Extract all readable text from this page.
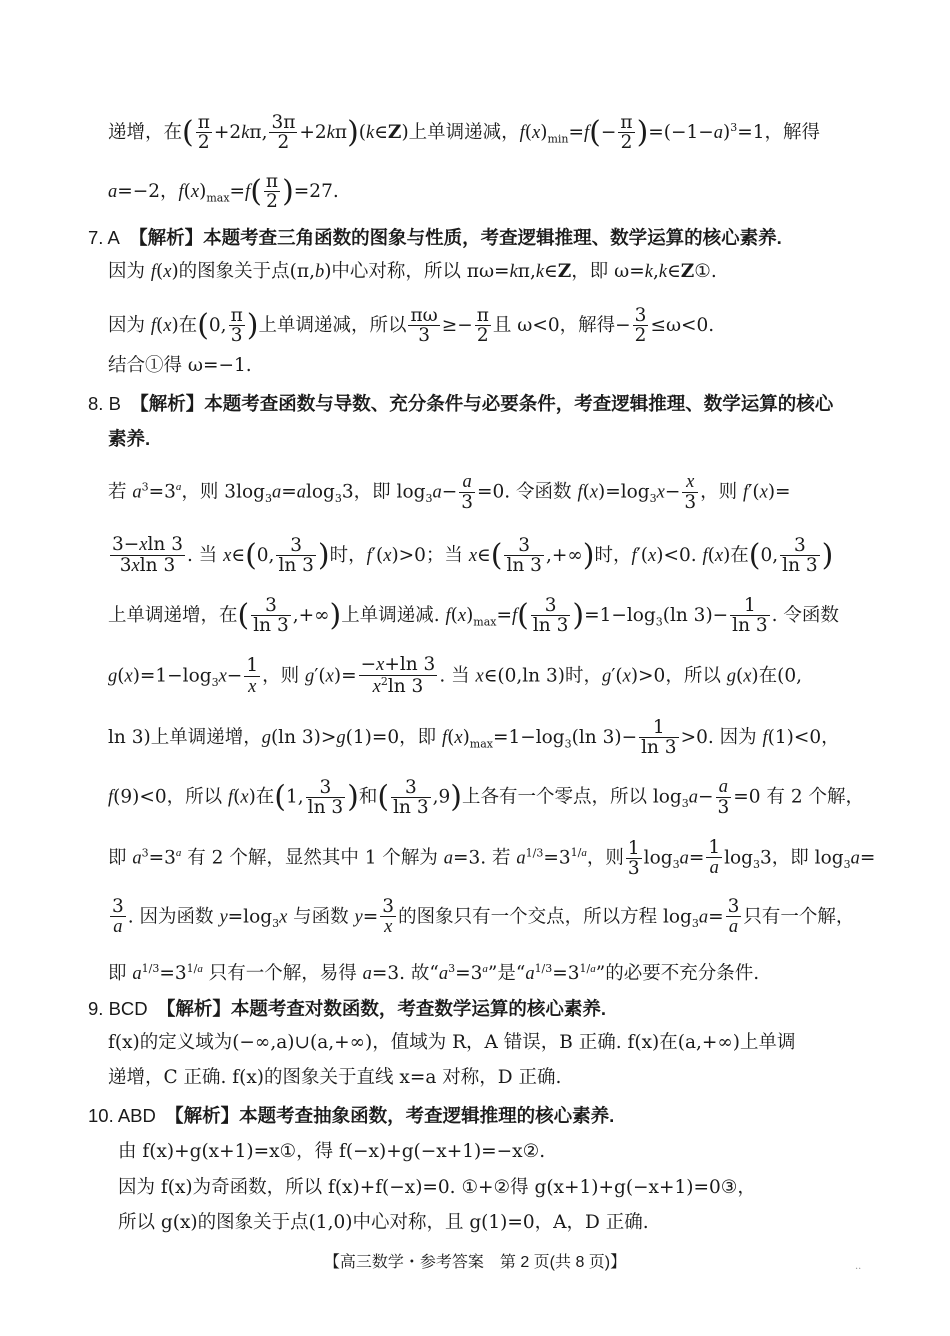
递增，在( $\frac{\pi}{2} +2k\pi$, $\frac{3\pi}{2}$ +2kπ)(k∈Z)上单调递减，$f(x)_{min}=f(- \frac{\pi}{2} )=(-1-a)^3=1$，解得
a=−2，$f(x)_{max}=f( \frac{\pi}{2} )=27$.
7. A　 【解析】本题考查三角函数的图象与性质，考查逻辑推理、数学运算的核心素养.
因为 f(x)的图象关于点(π,b)中心对称，所以 πω=kπ,k∈Z，即 ω=k,k∈Z①.
因为 f(x)在(0, $\frac{\pi}{3}$ )上单调递减，所以 $\frac{\pi\omega}{3} \ge- \frac{\pi}{2}$ 且 ω<0，解得− $\frac{3}{2} \le\omega<0$.
结合①得 ω=−1.
8. B　 【解析】本题考查函数与导数、充分条件与必要条件，考查逻辑推理、数学运算的核心
素养.
若 $a^3=3^a$，则 $3\log_3a=alog_33$，即 $\log_3a- \frac{a}{3} =0$. 令函数 $f(x)=\log_3x- \frac{x}{3}$ ，则 f′(x)=
$\frac{3-xln 3}{3xln 3}$ . 当 x∈(0, $\frac{3}{\ln 3}$ )时，f′(x)>0；当 x∈( $\frac{3}{\ln 3}$ ,+∞)时，f′(x)<0. f(x)在(0, $\frac{3}{\ln 3}$ )
上单调递增，在( $\frac{3}{\ln 3}$ ,+∞)上单调递减. $f(x)_{max}=f( \frac{3}{\ln 3} )=1-\log_3(\ln$ $3)- \frac{1}{\ln 3}$ . 令函数
$g(x)=1-\log_3x- \frac{1}{x}$ ，则 $g'(x)= \frac{-x+\ln 3}{x^2\ln 3}$ . 当 x∈(0,ln 3)时，g′(x)>0，所以 g(x)在(0,
ln 3)上单调递增，g(ln 3)>g(1)=0，即 $f(x)_{max}=1-\log_3(\ln$ $3)- \frac{1}{\ln 3} >0$. 因为 f(1)<0，
f(9)<0，所以 f(x)在(1, $\frac{3}{\ln 3}$ )和( $\frac{3}{\ln 3} ,9$)上各有一个零点，所以 $\log_3a- \frac{a}{3} =0$ 有 2 个解，
即 $a^3=3^a$ 有 2 个解，显然其中 1 个解为 a=3. 若 $a^{1/3}=3^{1/a}$，则 $\frac{1}{3} \log_3a= \frac{1}{a} \log_33$，即 $\log_3a=$
$\frac{3}{a}$ . 因为函数 $y=\log_3x$ 与函数 $y= \frac{3}{x}$ 的图象只有一个交点，所以方程 $\log_3a= \frac{3}{a}$ 只有一个解，
即 $a^{1/3}=3^{1/a}$ 只有一个解，易得 a=3. 故“$a^3=3^a$”是“$a^{1/3}=3^{1/a}$”的必要不充分条件.
9. BCD　 【解析】本题考查对数函数，考查数学运算的核心素养.
f(x)的定义域为(−∞,a)∪(a,+∞)，值域为 R，A 错误，B 正确. f(x)在(a,+∞)上单调
递增，C 正确. f(x)的图象关于直线 x=a 对称，D 正确.
10. ABD　 【解析】本题考查抽象函数，考查逻辑推理的核心素养.
由 f(x)+g(x+1)=x①，得 f(−x)+g(−x+1)=−x②.
因为 f(x)为奇函数，所以 f(x)+f(−x)=0. ①+②得 g(x+1)+g(−x+1)=0③，
所以 g(x)的图象关于点(1,0)中心对称，且 g(1)=0，A，D 正确.
【高三数学・参考答案　第 2 页(共 8 页)】	··
